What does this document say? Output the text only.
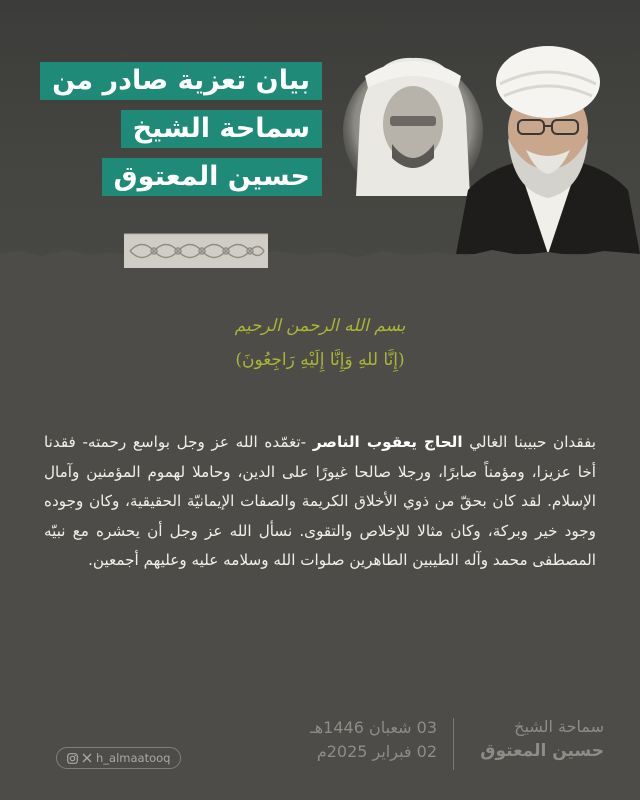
بيان تعزية صادر من
سماحة الشيخ
حسين المعتوق
بسم الله الرحمن الرحيم
(إِنَّا للهِ وَإِنَّا إِلَيْهِ رَاجِعُونَ)
بفقدان حبيبنا الغالي الحاج يعقوب الناصر -تغمّده الله عز وجل بواسع رحمته- فقدنا أخا عزيزا، ومؤمناً صابرًا، ورجلا صالحا غيورًا على الدين، وحاملا لهموم المؤمنين وآمال الإسلام. لقد كان بحقّ من ذوي الأخلاق الكريمة والصفات الإيمانيّة الحقيقية، وكان وجوده وجود خير وبركة، وكان مثالا للإخلاص والتقوى. نسأل الله عز وجل أن يحشره مع نبيّه المصطفى محمد وآله الطيبين الطاهرين صلوات الله وسلامه عليه وعليهم أجمعين.
سماحة الشيخ
حسين المعتوق
03 شعبان 1446هـ
02 فبراير 2025م
h_almaatooq
